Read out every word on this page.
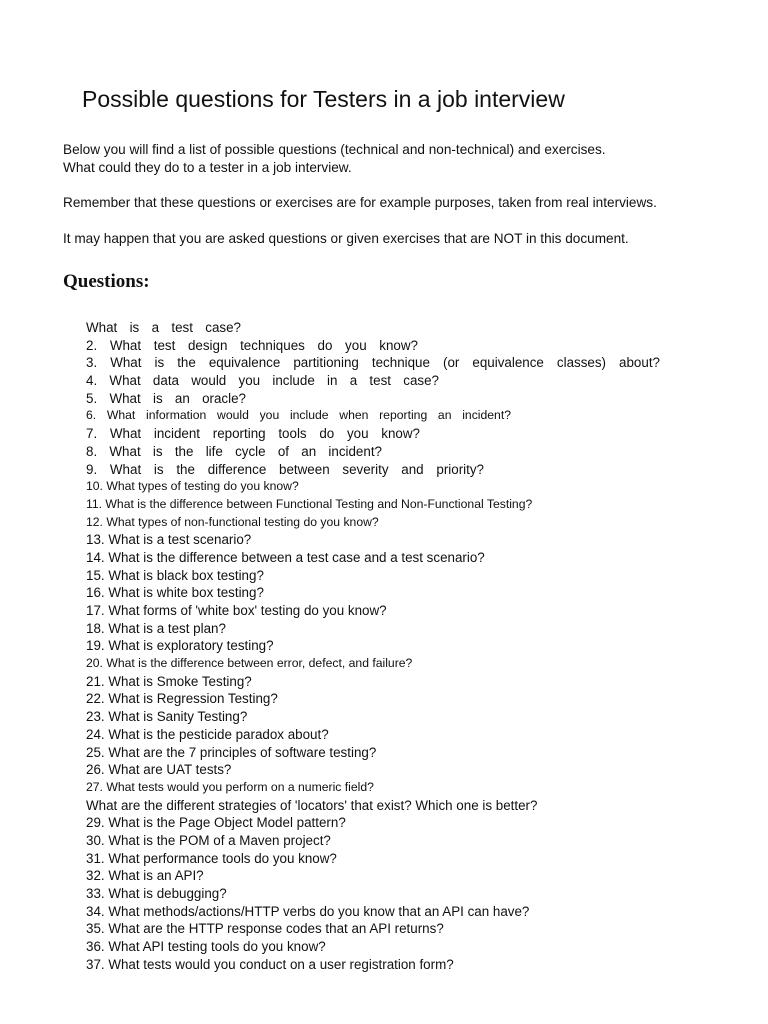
Possible questions for Testers in a job interview

Below you will find a list of possible questions (technical and non-technical) and exercises.
What could they do to a tester in a job interview.

Remember that these questions or exercises are for example purposes, taken from real interviews.

It may happen that you are asked questions or given exercises that are NOT in this document.

Questions:
What is a test case?
2. What test design techniques do you know?
3. What is the equivalence partitioning technique (or equivalence classes) about?
4. What data would you include in a test case?
5. What is an oracle?
6. What information would you include when reporting an incident?
7. What incident reporting tools do you know?
8. What is the life cycle of an incident?
9. What is the difference between severity and priority?
10. What types of testing do you know?
11. What is the difference between Functional Testing and Non-Functional Testing?
12. What types of non-functional testing do you know?
13. What is a test scenario?
14. What is the difference between a test case and a test scenario?
15. What is black box testing?
16. What is white box testing?
17. What forms of 'white box' testing do you know?
18. What is a test plan?
19. What is exploratory testing?
20. What is the difference between error, defect, and failure?
21. What is Smoke Testing?
22. What is Regression Testing?
23. What is Sanity Testing?
24. What is the pesticide paradox about?
25. What are the 7 principles of software testing?
26. What are UAT tests?
27. What tests would you perform on a numeric field?
What are the different strategies of 'locators' that exist? Which one is better?
29. What is the Page Object Model pattern?
30. What is the POM of a Maven project?
31. What performance tools do you know?
32. What is an API?
33. What is debugging?
34. What methods/actions/HTTP verbs do you know that an API can have?
35. What are the HTTP response codes that an API returns?
36. What API testing tools do you know?
37. What tests would you conduct on a user registration form?
